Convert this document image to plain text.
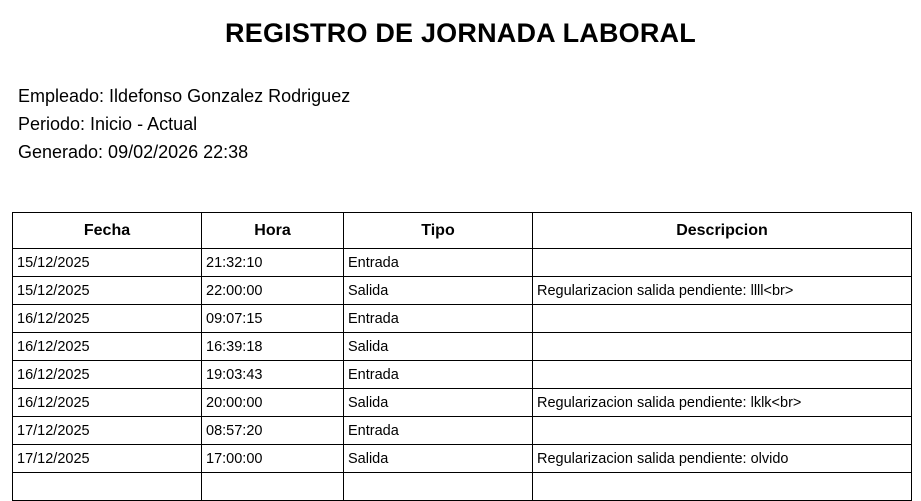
REGISTRO DE JORNADA LABORAL
Empleado: Ildefonso Gonzalez Rodriguez
Periodo: Inicio - Actual
Generado: 09/02/2026 22:38
Fecha	Hora	Tipo	Descripcion
15/12/2025	21:32:10	Entrada	
15/12/2025	22:00:00	Salida	Regularizacion salida pendiente: llll<br>
16/12/2025	09:07:15	Entrada	
16/12/2025	16:39:18	Salida	
16/12/2025	19:03:43	Entrada	
16/12/2025	20:00:00	Salida	Regularizacion salida pendiente: lklk<br>
17/12/2025	08:57:20	Entrada	
17/12/2025	17:00:00	Salida	Regularizacion salida pendiente: olvido
